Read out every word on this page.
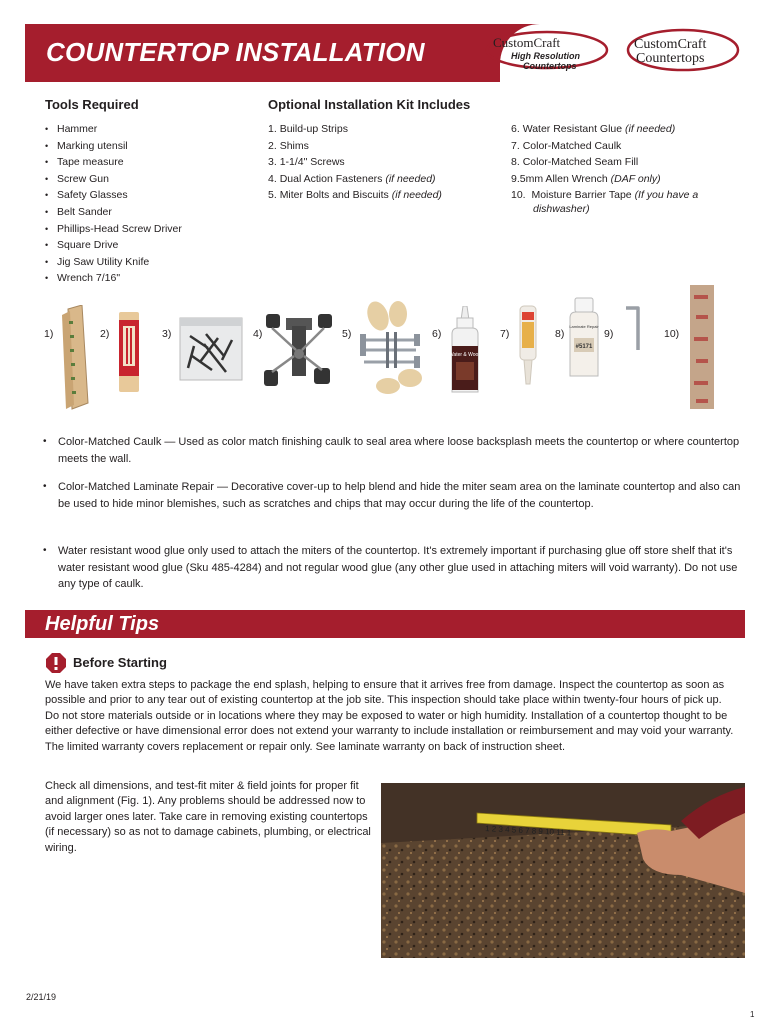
COUNTERTOP INSTALLATION	CustomCraft
High Resolution
Countertops
CustomCraft
Countertops
Tools Required
• Hammer
• Marking utensil
• Tape measure
• Screw Gun
• Safety Glasses
• Belt Sander
• Phillips-Head Screw Driver
• Square Drive
• Jig Saw Utility Knife
• Wrench 7/16"
Optional Installation Kit Includes
1. Build-up Strips
2. Shims
3. 1-1/4" Screws
4. Dual Action Fasteners (if needed)
5. Miter Bolts and Biscuits (if needed)
6. Water Resistant Glue (if needed)
7. Color-Matched Caulk
8. Color-Matched Seam Fill
9.5mm Allen Wrench (DAF only)
10. Moisture Barrier Tape (If you have a
dishwasher)
1)	2)	3)	4)	5)	6)
Water & Wood
7)	8)
Laminate Repair
#5171
9)	10)
• Color-Matched Caulk — Used as color match finishing caulk to seal area where loose backsplash meets the countertop or where countertop meets the wall.

• Color-Matched Laminate Repair — Decorative cover-up to help blend and hide the miter seam area on the laminate countertop and also can be used to hide minor blemishes, such as scratches and chips that may occur during the life of the countertop.

• Water resistant wood glue only used to attach the miters of the countertop. It's extremely important if purchasing glue off store shelf that it's water resistant wood glue (Sku 485-4284) and not regular wood glue (any other glue used in attaching miters will void warranty). Do not use any type of caulk.

Helpful Tips
Before Starting
We have taken extra steps to package the end splash, helping to ensure that it arrives free from damage. Inspect the countertop as soon as possible and prior to any tear out of existing countertop at the job site. This inspection should take place within twenty-four hours of pick up. Do not store materials outside or in locations where they may be exposed to water or high humidity. Installation of a countertop thought to be either defective or have dimensional error does not extend your warranty to include installation or reimbursement and may void your warranty. The limited warranty covers replacement or repair only. See laminate warranty on back of instruction sheet.
Check all dimensions, and test-fit miter & field joints for proper fit and alignment (Fig. 1). Any problems should be addressed now to avoid larger ones later. Take care in removing existing countertops (if necessary) so as not to damage cabinets, plumbing, or electrical wiring.
1 2 3 4 5 6 7 8 9 10 11 1
2/21/19
1
